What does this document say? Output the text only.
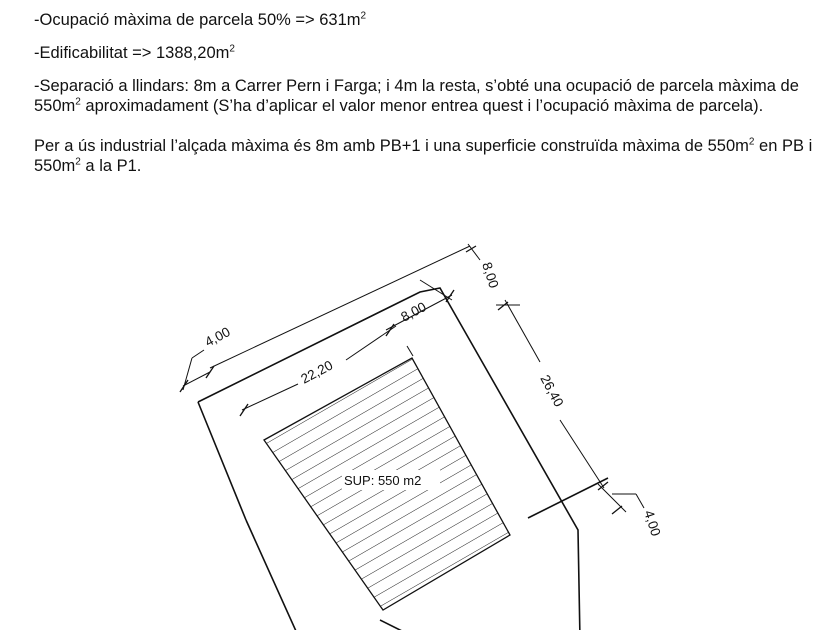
-Ocupació màxima de parcela $50\% => 631m^2$

-Edificabilitat => $1388,20m^2$

-Separació a llindars: 8m a Carrer Pern i Farga; i 4m la resta, s’obté una ocupació de parcela màxima de $550m^2$ aproximadament (S’ha d’aplicar el valor menor entrea quest i l’ocupació màxima de parcela).

Per a ús industrial l’alçada màxima és 8m amb PB+1 i una superficie construïda màxima de $550m^2$ en PB i $550m^2$ a la P1.

SUP: 550 m2
4,00
8,00
8,00
22,20
26,40
4,00
